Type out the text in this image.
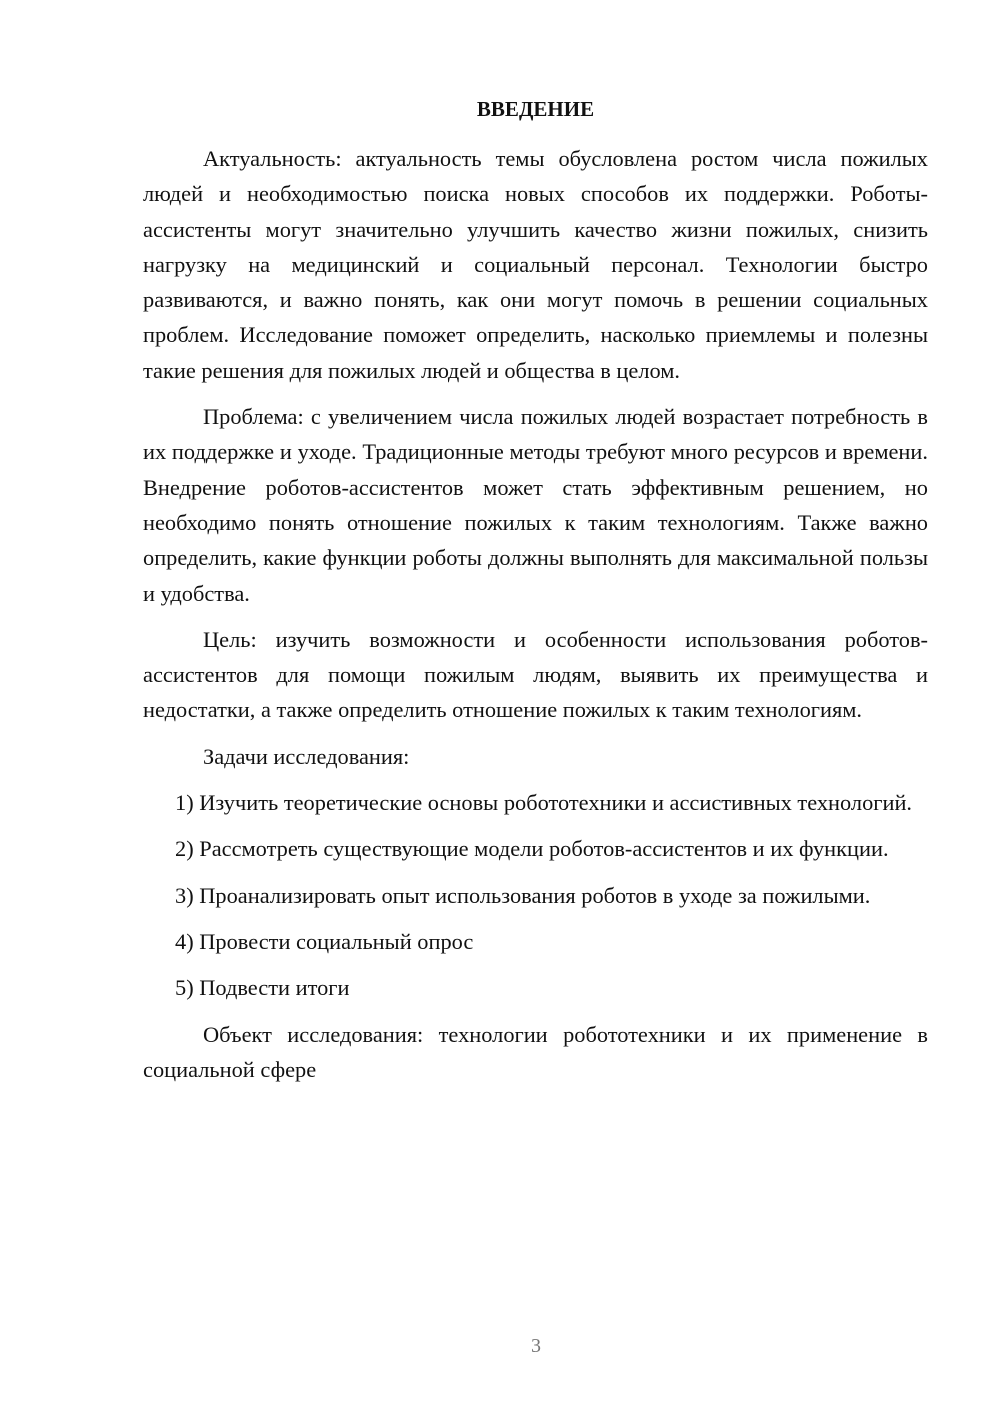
ВВЕДЕНИЕ

Актуальность: актуальность темы обусловлена ростом числа пожилых людей и необходимостью поиска новых способов их поддержки. Роботы-ассистенты могут значительно улучшить качество жизни пожилых, снизить нагрузку на медицинский и социальный персонал. Технологии быстро развиваются, и важно понять, как они могут помочь в решении социальных проблем. Исследование поможет определить, насколько приемлемы и полезны такие решения для пожилых людей и общества в целом.

Проблема: с увеличением числа пожилых людей возрастает потребность в их поддержке и уходе. Традиционные методы требуют много ресурсов и времени. Внедрение роботов-ассистентов может стать эффективным решением, но необходимо понять отношение пожилых к таким технологиям. Также важно определить, какие функции роботы должны выполнять для максимальной пользы и удобства.

Цель: изучить возможности и особенности использования роботов-ассистентов для помощи пожилым людям, выявить их преимущества и недостатки, а также определить отношение пожилых к таким технологиям.

Задачи исследования:

1) Изучить теоретические основы робототехники и ассистивных технологий.

2) Рассмотреть существующие модели роботов-ассистентов и их функции.

3) Проанализировать опыт использования роботов в уходе за пожилыми.

4) Провести социальный опрос

5) Подвести итоги

Объект исследования: технологии робототехники и их применение в социальной сфере

3
